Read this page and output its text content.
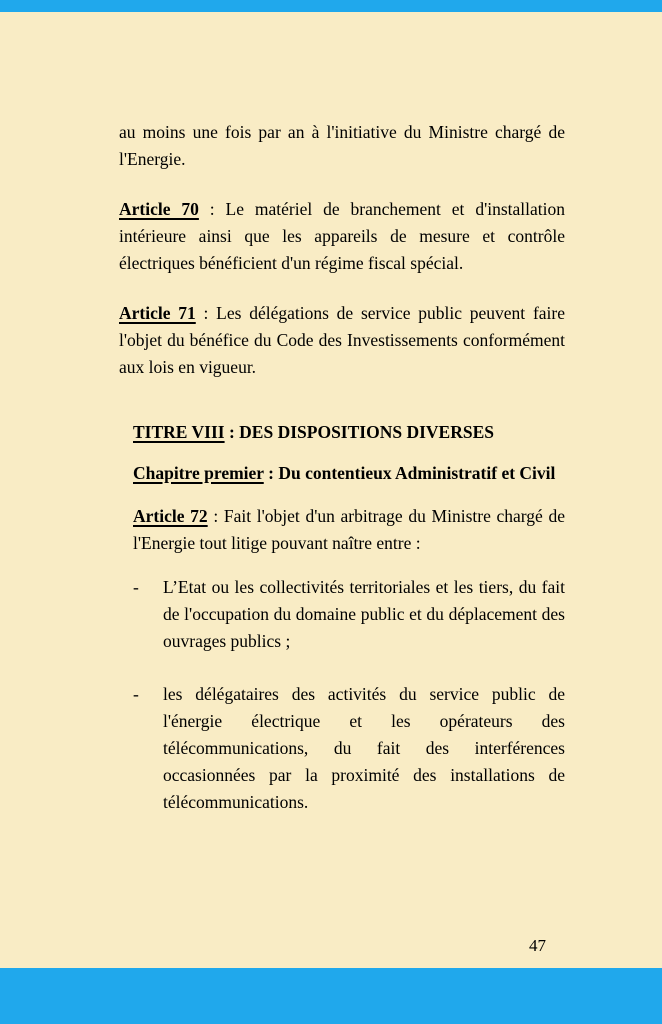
au moins une fois par an à l'initiative du Ministre chargé de l'Energie.

Article 70 : Le matériel de branchement et d'installation intérieure ainsi que les appareils de mesure et contrôle électriques bénéficient d'un régime fiscal spécial.

Article 71 : Les délégations de service public peuvent faire l'objet du bénéfice du Code des Investissements conformément aux lois en vigueur.

TITRE VIII : DES DISPOSITIONS DIVERSES

Chapitre premier : Du contentieux Administratif et Civil

Article 72 : Fait l'objet d'un arbitrage du Ministre chargé de l'Energie tout litige pouvant naître entre :

-	L’Etat ou les collectivités territoriales et les tiers, du fait de l'occupation du domaine public et du déplacement des ouvrages publics ;
-	les délégataires des activités du service public de l'énergie électrique et les opérateurs des télécommunications, du fait des interférences occasionnées par la proximité des installations de télécommunications.
47
